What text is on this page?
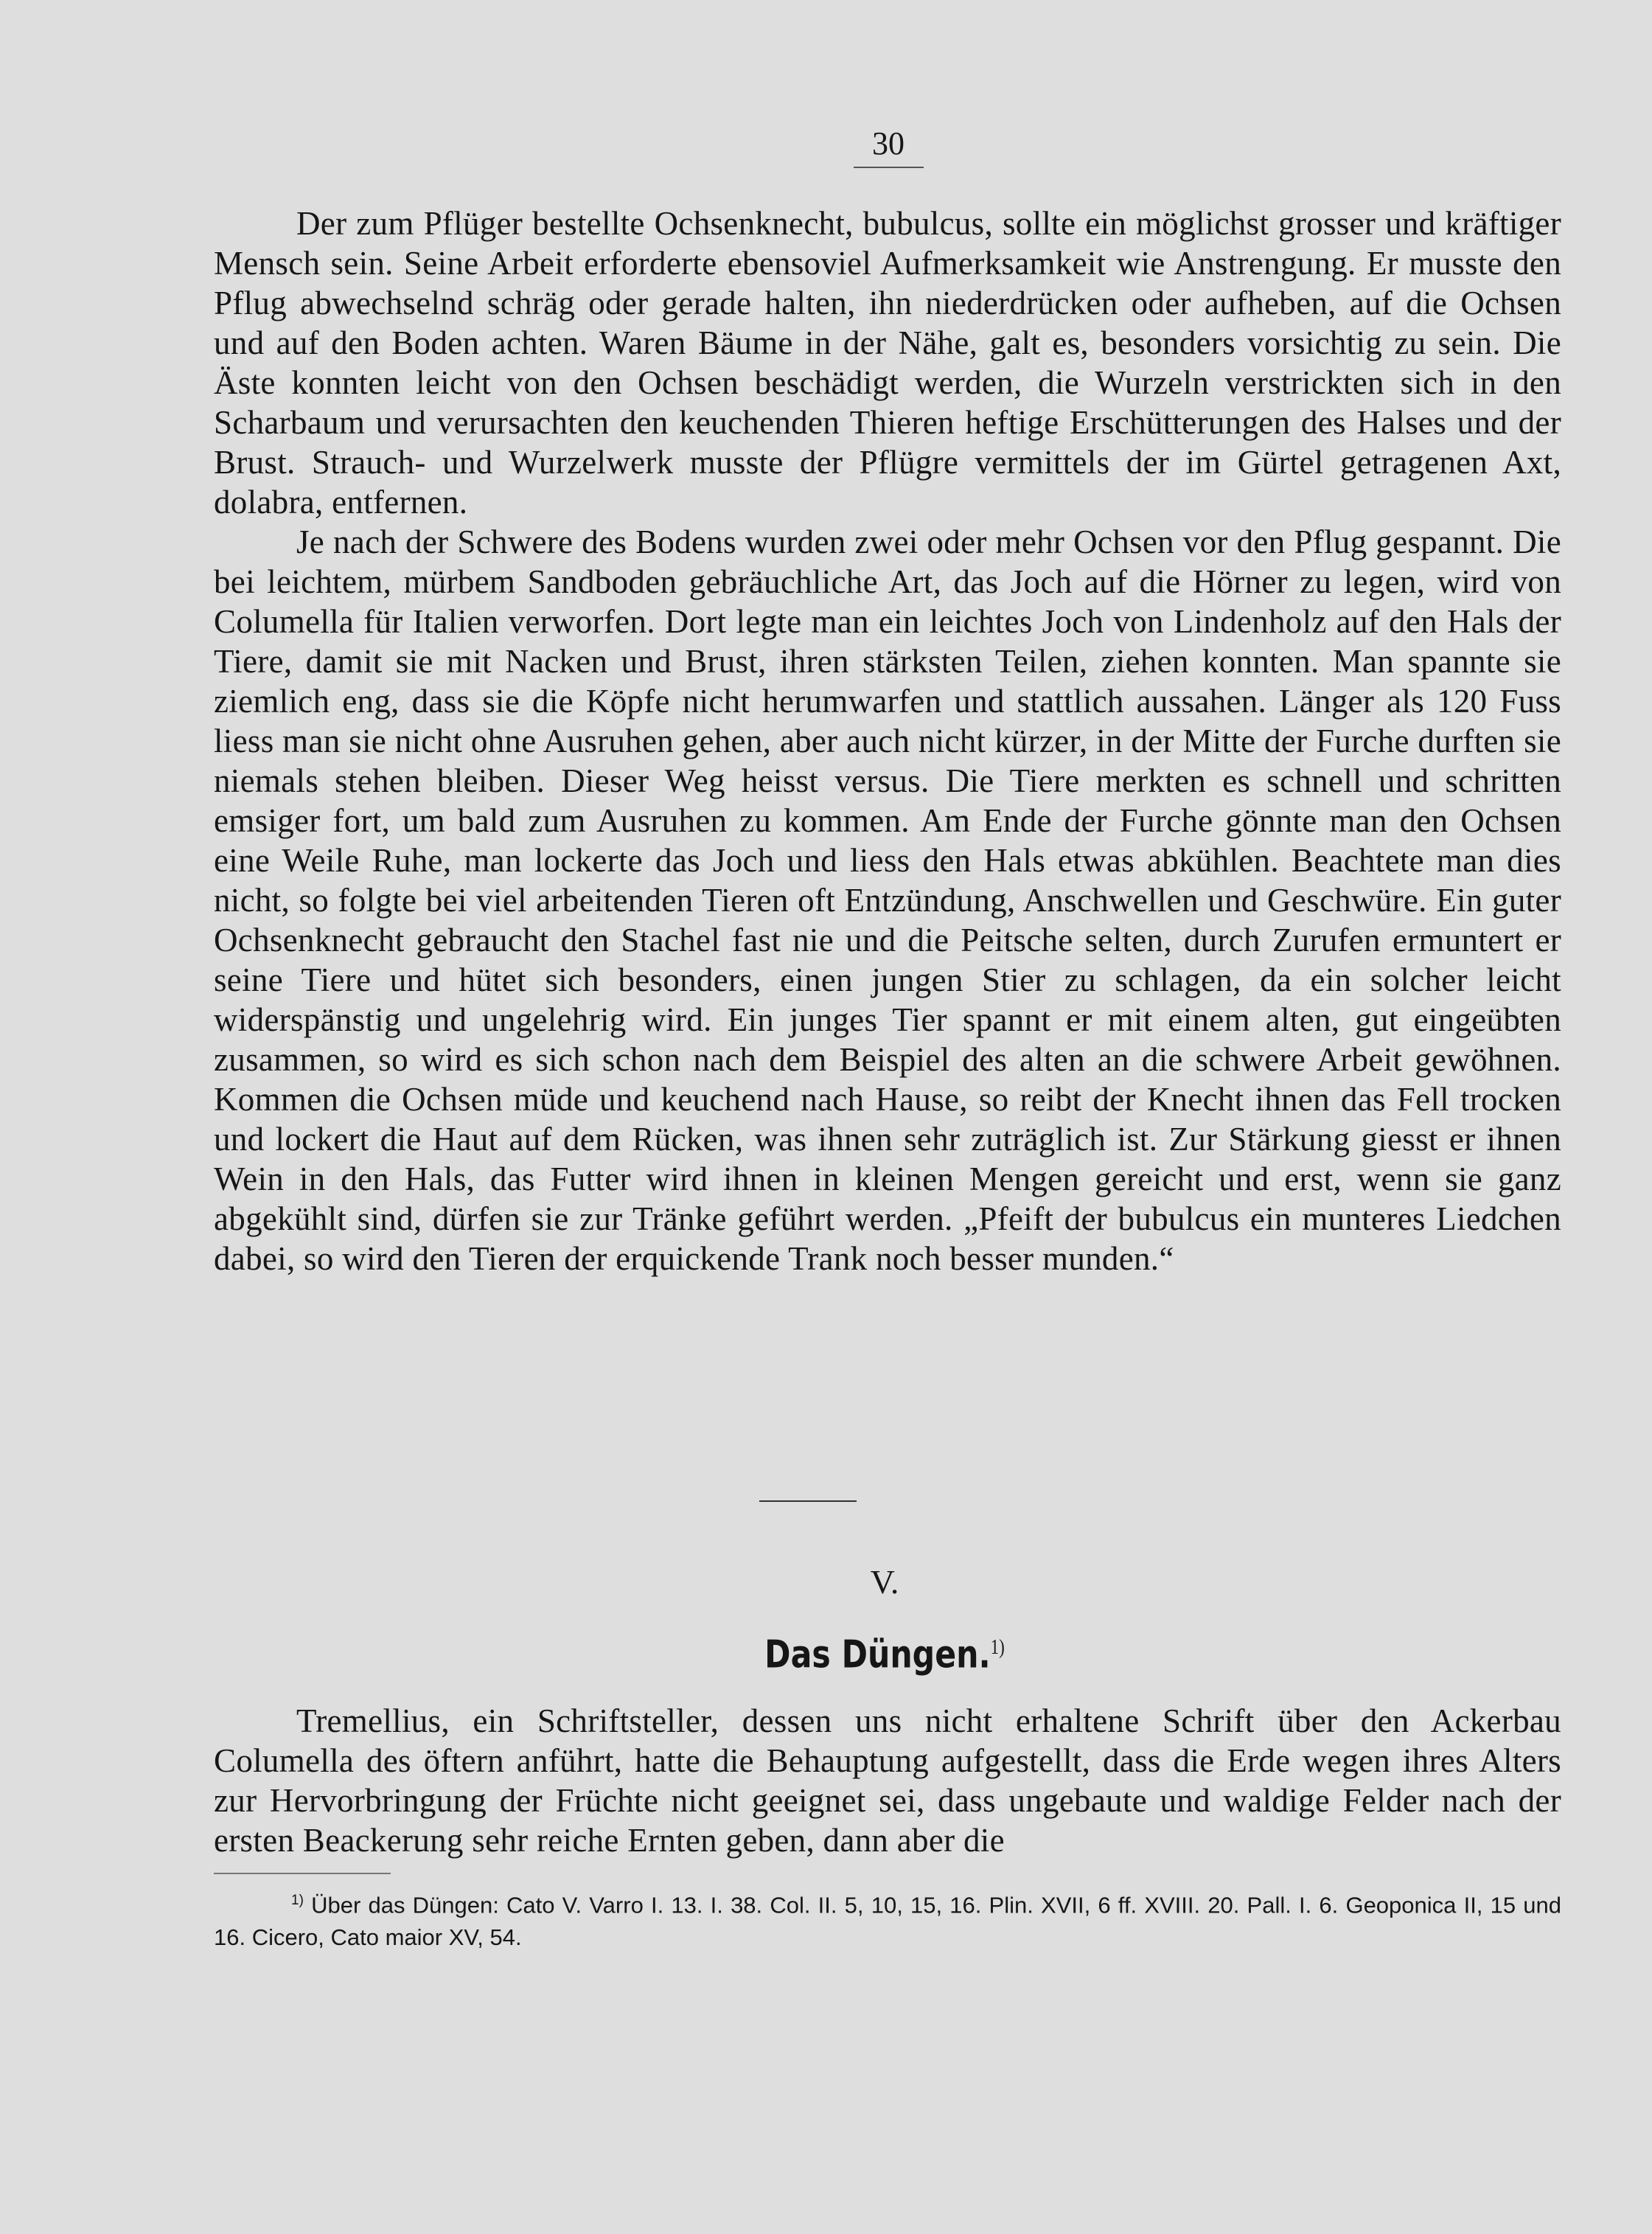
30

Der zum Pflüger bestellte Ochsenknecht, bubulcus, sollte ein möglichst grosser und kräftiger Mensch sein. Seine Arbeit erforderte ebensoviel Aufmerksamkeit wie Anstrengung. Er musste den Pflug abwechselnd schräg oder gerade halten, ihn niederdrücken oder aufheben, auf die Ochsen und auf den Boden achten. Waren Bäume in der Nähe, galt es, besonders vorsichtig zu sein. Die Äste konnten leicht von den Ochsen beschädigt werden, die Wurzeln verstrickten sich in den Scharbaum und verursachten den keuchenden Thieren heftige Erschütterungen des Halses und der Brust. Strauch- und Wurzelwerk musste der Pflügre vermittels der im Gürtel getragenen Axt, dolabra, entfernen.

Je nach der Schwere des Bodens wurden zwei oder mehr Ochsen vor den Pflug gespannt. Die bei leichtem, mürbem Sandboden gebräuchliche Art, das Joch auf die Hörner zu legen, wird von Columella für Italien verworfen. Dort legte man ein leichtes Joch von Lindenholz auf den Hals der Tiere, damit sie mit Nacken und Brust, ihren stärksten Teilen, ziehen konnten. Man spannte sie ziemlich eng, dass sie die Köpfe nicht herumwarfen und stattlich aussahen. Länger als 120 Fuss liess man sie nicht ohne Ausruhen gehen, aber auch nicht kürzer, in der Mitte der Furche durften sie niemals stehen bleiben. Dieser Weg heisst versus. Die Tiere merkten es schnell und schritten emsiger fort, um bald zum Ausruhen zu kommen. Am Ende der Furche gönnte man den Ochsen eine Weile Ruhe, man lockerte das Joch und liess den Hals etwas abkühlen. Beachtete man dies nicht, so folgte bei viel arbeitenden Tieren oft Entzündung, Anschwellen und Geschwüre. Ein guter Ochsenknecht gebraucht den Stachel fast nie und die Peitsche selten, durch Zurufen ermuntert er seine Tiere und hütet sich besonders, einen jungen Stier zu schlagen, da ein solcher leicht widerspänstig und ungelehrig wird. Ein junges Tier spannt er mit einem alten, gut eingeübten zusammen, so wird es sich schon nach dem Beispiel des alten an die schwere Arbeit gewöhnen. Kommen die Ochsen müde und keuchend nach Hause, so reibt der Knecht ihnen das Fell trocken und lockert die Haut auf dem Rücken, was ihnen sehr zuträglich ist. Zur Stärkung giesst er ihnen Wein in den Hals, das Futter wird ihnen in kleinen Mengen gereicht und erst, wenn sie ganz abgekühlt sind, dürfen sie zur Tränke geführt werden. „Pfeift der bubulcus ein munteres Liedchen dabei, so wird den Tieren der erquickende Trank noch besser munden.“

V.
Das Düngen.$^{1)}$

Tremellius, ein Schriftsteller, dessen uns nicht erhaltene Schrift über den Ackerbau Columella des öftern anführt, hatte die Behauptung aufgestellt, dass die Erde wegen ihres Alters zur Hervorbringung der Früchte nicht geeignet sei, dass ungebaute und waldige Felder nach der ersten Beackerung sehr reiche Ernten geben, dann aber die

$^{1)}$ Über das Düngen: Cato V. Varro I. 13. I. 38. Col. II. 5, 10, 15, 16. Plin. XVII, 6 ff. XVIII. 20. Pall. I. 6. Geoponica II, 15 und 16. Cicero, Cato maior XV, 54.
